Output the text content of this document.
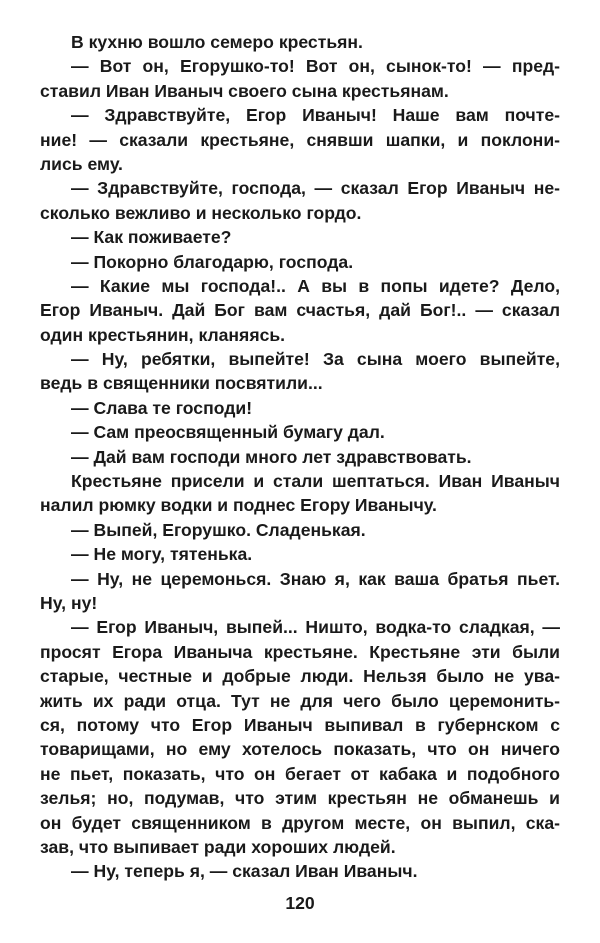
В кухню вошло семеро крестьян.
— Вот он, Егорушко-то! Вот он, сынок-то! — пред-
ставил Иван Иваныч своего сына крестьянам.
— Здравствуйте, Егор Иваныч! Наше вам почте-
ние! — сказали крестьяне, снявши шапки, и поклони-
лись ему.
— Здравствуйте, господа, — сказал Егор Иваныч не-
сколько вежливо и несколько гордо.
— Как поживаете?
— Покорно благодарю, господа.
— Какие мы господа!.. А вы в попы идете? Дело,
Егор Иваныч. Дай Бог вам счастья, дай Бог!.. — сказал
один крестьянин, кланяясь.
— Ну, ребятки, выпейте! За сына моего выпейте,
ведь в священники посвятили...
— Слава те господи!
— Сам преосвященный бумагу дал.
— Дай вам господи много лет здравствовать.
Крестьяне присели и стали шептаться. Иван Иваныч
налил рюмку водки и поднес Егору Иванычу.
— Выпей, Егорушко. Сладенькая.
— Не могу, тятенька.
— Ну, не церемонься. Знаю я, как ваша братья пьет.
Ну, ну!
— Егор Иваныч, выпей... Ништо, водка-то сладкая, —
просят Егора Иваныча крестьяне. Крестьяне эти были
старые, честные и добрые люди. Нельзя было не ува-
жить их ради отца. Тут не для чего было церемонить-
ся, потому что Егор Иваныч выпивал в губернском с
товарищами, но ему хотелось показать, что он ничего
не пьет, показать, что он бегает от кабака и подобного
зелья; но, подумав, что этим крестьян не обманешь и
он будет священником в другом месте, он выпил, ска-
зав, что выпивает ради хороших людей.
— Ну, теперь я, — сказал Иван Иваныч.
120
